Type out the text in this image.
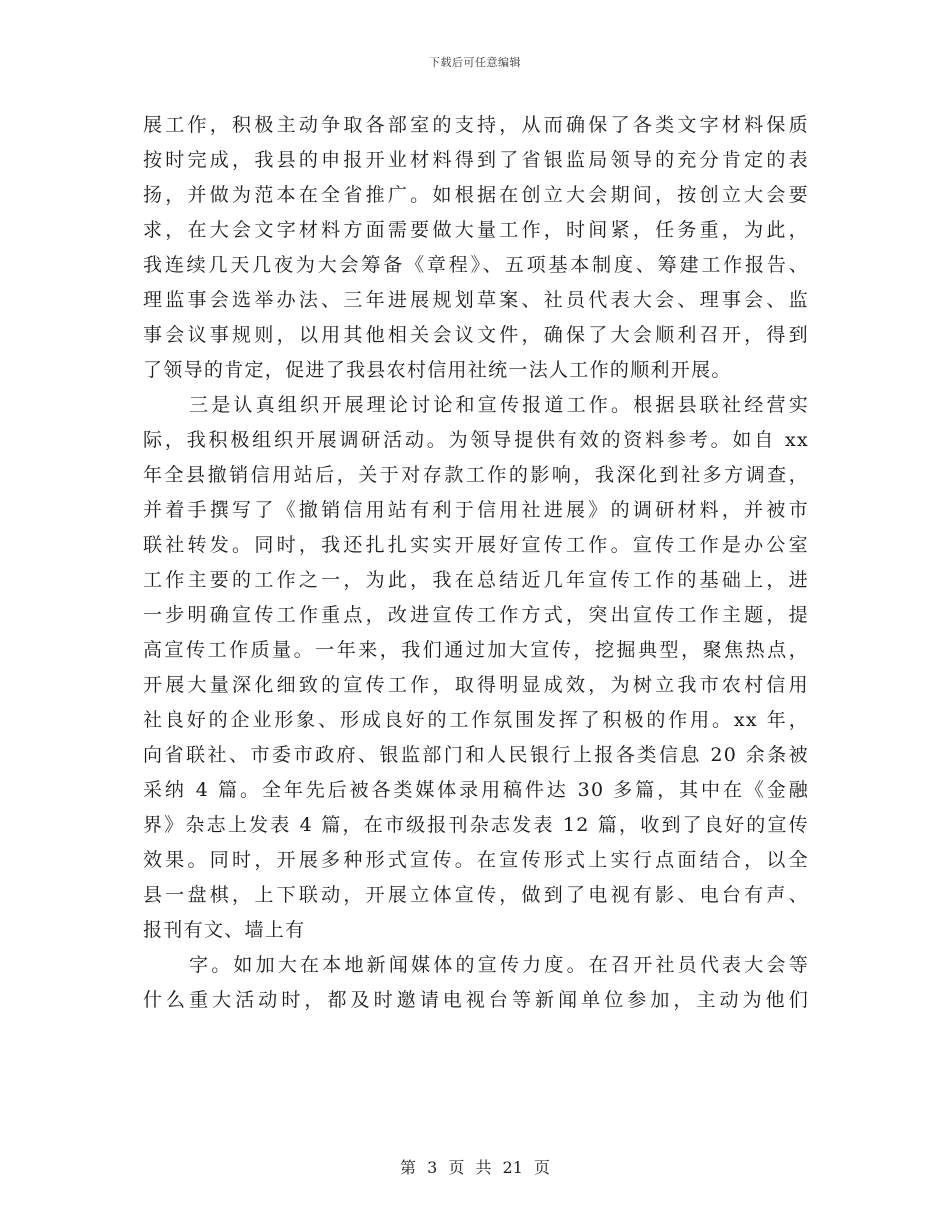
下载后可任意编辑
展工作，积极主动争取各部室的支持，从而确保了各类文字材料保质
按时完成，我县的申报开业材料得到了省银监局领导的充分肯定的表
扬，并做为范本在全省推广。如根据在创立大会期间，按创立大会要
求，在大会文字材料方面需要做大量工作，时间紧，任务重，为此，
我连续几天几夜为大会筹备《章程》、五项基本制度、筹建工作报告、
理监事会选举办法、三年进展规划草案、社员代表大会、理事会、监
事会议事规则，以用其他相关会议文件，确保了大会顺利召开，得到
了领导的肯定，促进了我县农村信用社统一法人工作的顺利开展。
三是认真组织开展理论讨论和宣传报道工作。根据县联社经营实
际，我积极组织开展调研活动。为领导提供有效的资料参考。如自 xx
年全县撤销信用站后，关于对存款工作的影响，我深化到社多方调查，
并着手撰写了《撤销信用站有利于信用社进展》的调研材料，并被市
联社转发。同时，我还扎扎实实开展好宣传工作。宣传工作是办公室
工作主要的工作之一，为此，我在总结近几年宣传工作的基础上，进
一步明确宣传工作重点，改进宣传工作方式，突出宣传工作主题，提
高宣传工作质量。一年来，我们通过加大宣传，挖掘典型，聚焦热点，
开展大量深化细致的宣传工作，取得明显成效，为树立我市农村信用
社良好的企业形象、形成良好的工作氛围发挥了积极的作用。xx 年，
向省联社、市委市政府、银监部门和人民银行上报各类信息 20 余条被
采纳 4 篇。全年先后被各类媒体录用稿件达 30 多篇，其中在《金融
界》杂志上发表 4 篇，在市级报刊杂志发表 12 篇，收到了良好的宣传
效果。同时，开展多种形式宣传。在宣传形式上实行点面结合，以全
县一盘棋，上下联动，开展立体宣传，做到了电视有影、电台有声、
报刊有文、墙上有
字。如加大在本地新闻媒体的宣传力度。在召开社员代表大会等
什么重大活动时，都及时邀请电视台等新闻单位参加，主动为他们
第 3 页 共 21 页
